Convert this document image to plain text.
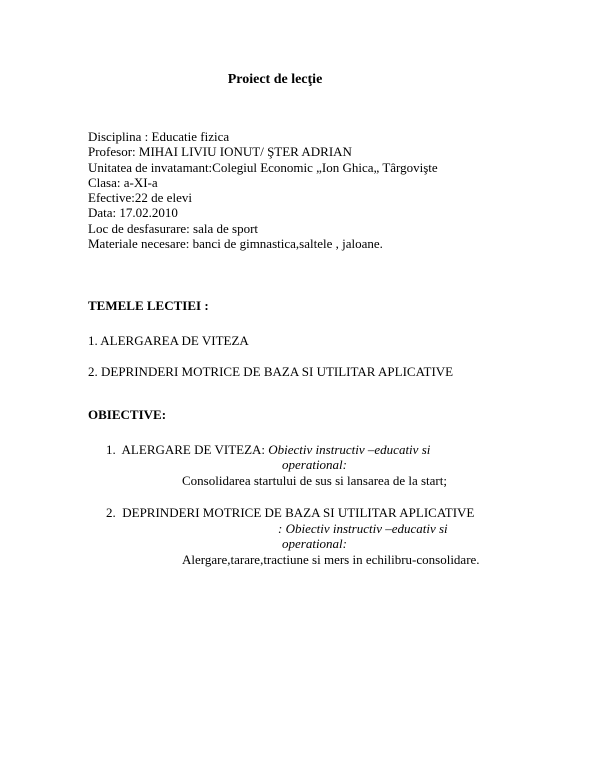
Proiect de lecţie
Disciplina : Educatie fizica
Profesor: MIHAI LIVIU IONUT/ ŞTER ADRIAN
Unitatea de invatamant:Colegiul Economic „Ion Ghica„ Târgovişte
Clasa: a-XI-a
Efective:22 de elevi
Data: 17.02.2010
Loc de desfasurare: sala de sport
Materiale necesare: banci de gimnastica,saltele , jaloane.
TEMELE LECTIEI :
1. ALERGAREA DE VITEZA
2. DEPRINDERI MOTRICE DE BAZA SI UTILITAR APLICATIVE
OBIECTIVE:
1. ALERGARE DE VITEZA: Obiectiv instructiv –educativ si
operational:
Consolidarea startului de sus si lansarea de la start;
2. DEPRINDERI MOTRICE DE BAZA SI UTILITAR APLICATIVE
: Obiectiv instructiv –educativ si
operational:
Alergare,tarare,tractiune si mers in echilibru-consolidare.
